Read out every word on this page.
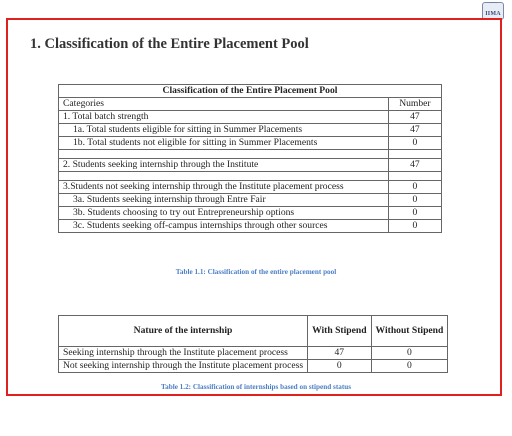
⌒
IIMA
1. Classification of the Entire Placement Pool
Classification of the Entire Placement Pool	
Categories	Number
1. Total batch strength	47
1a. Total students eligible for sitting in Summer Placements	47
1b. Total students not eligible for sitting in Summer Placements	0

2. Students seeking internship through the Institute	47

3.Students not seeking internship through the Institute placement process	0
3a. Students seeking internship through Entre Fair	0
3b. Students choosing to try out Entrepreneurship options	0
3c. Students seeking off-campus internships through other sources	0
Table 1.1: Classification of the entire placement pool
Nature of the internship	With Stipend	Without Stipend
Seeking internship through the Institute placement process	47	0
Not seeking internship through the Institute placement process	0	0
Table 1.2: Classification of internships based on stipend status
